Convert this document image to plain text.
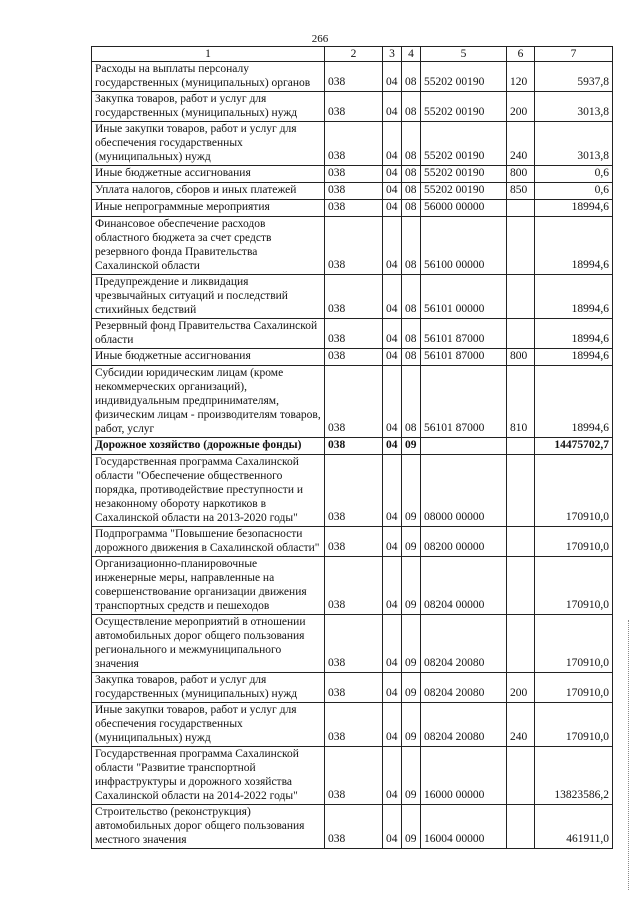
266
1	2	3	4	5	6	7
Расходы на выплаты персоналу государственных (муниципальных) органов	038	04	08	55202 00190	120	5937,8
Закупка товаров, работ и услуг для государственных (муниципальных) нужд	038	04	08	55202 00190	200	3013,8
Иные закупки товаров, работ и услуг для обеспечения государственных (муниципальных) нужд	038	04	08	55202 00190	240	3013,8
Иные бюджетные ассигнования	038	04	08	55202 00190	800	0,6
Уплата налогов, сборов и иных платежей	038	04	08	55202 00190	850	0,6
Иные непрограммные мероприятия	038	04	08	56000 00000		18994,6
Финансовое обеспечение расходов областного бюджета за счет средств резервного фонда Правительства Сахалинской области	038	04	08	56100 00000		18994,6
Предупреждение и ликвидация чрезвычайных ситуаций и последствий стихийных бедствий	038	04	08	56101 00000		18994,6
Резервный фонд Правительства Сахалинской области	038	04	08	56101 87000		18994,6
Иные бюджетные ассигнования	038	04	08	56101 87000	800	18994,6
Субсидии юридическим лицам (кроме некоммерческих организаций), индивидуальным предпринимателям, физическим лицам - производителям товаров, работ, услуг	038	04	08	56101 87000	810	18994,6
Дорожное хозяйство (дорожные фонды)	038	04	09			14475702,7
Государственная программа Сахалинской области "Обеспечение общественного порядка, противодействие преступности и незаконному обороту наркотиков в Сахалинской области на 2013-2020 годы"	038	04	09	08000 00000		170910,0
Подпрограмма "Повышение безопасности дорожного движения в Сахалинской области"	038	04	09	08200 00000		170910,0
Организационно-планировочные инженерные меры, направленные на совершенствование организации движения транспортных средств и пешеходов	038	04	09	08204 00000		170910,0
Осуществление мероприятий в отношении автомобильных дорог общего пользования регионального и межмуниципального значения	038	04	09	08204 20080		170910,0
Закупка товаров, работ и услуг для государственных (муниципальных) нужд	038	04	09	08204 20080	200	170910,0
Иные закупки товаров, работ и услуг для обеспечения государственных (муниципальных) нужд	038	04	09	08204 20080	240	170910,0
Государственная программа Сахалинской области "Развитие транспортной инфраструктуры и дорожного хозяйства Сахалинской области на 2014-2022 годы"	038	04	09	16000 00000		13823586,2
Строительство (реконструкция) автомобильных дорог общего пользования местного значения	038	04	09	16004 00000		461911,0
